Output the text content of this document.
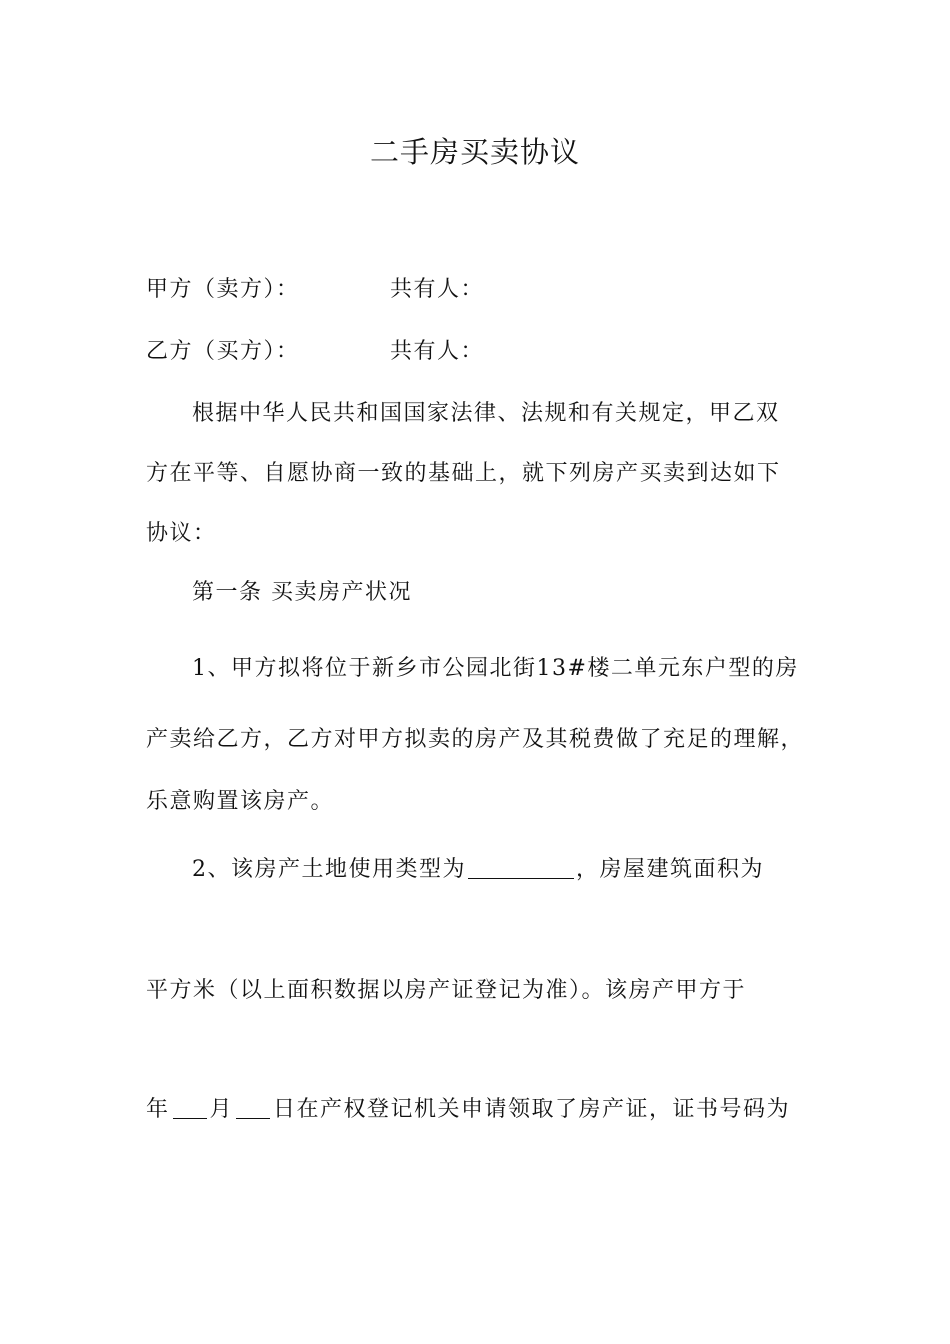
二手房买卖协议
甲方（卖方）：	共有人：
乙方（买方）：	共有人：
根据中华人民共和国国家法律、法规和有关规定，甲乙双
方在平等、自愿协商一致的基础上，就下列房产买卖到达如下
协议：
第一条 买卖房产状况
1、甲方拟将位于新乡市公园北街13#楼二单元东户型的房
产卖给乙方，乙方对甲方拟卖的房产及其税费做了充足的理解，
乐意购置该房产。
2、该房产土地使用类型为	，房屋建筑面积为
平方米（以上面积数据以房产证登记为准）。该房产甲方于
年 月 日在产权登记机关申请领取了房产证，证书号码为
